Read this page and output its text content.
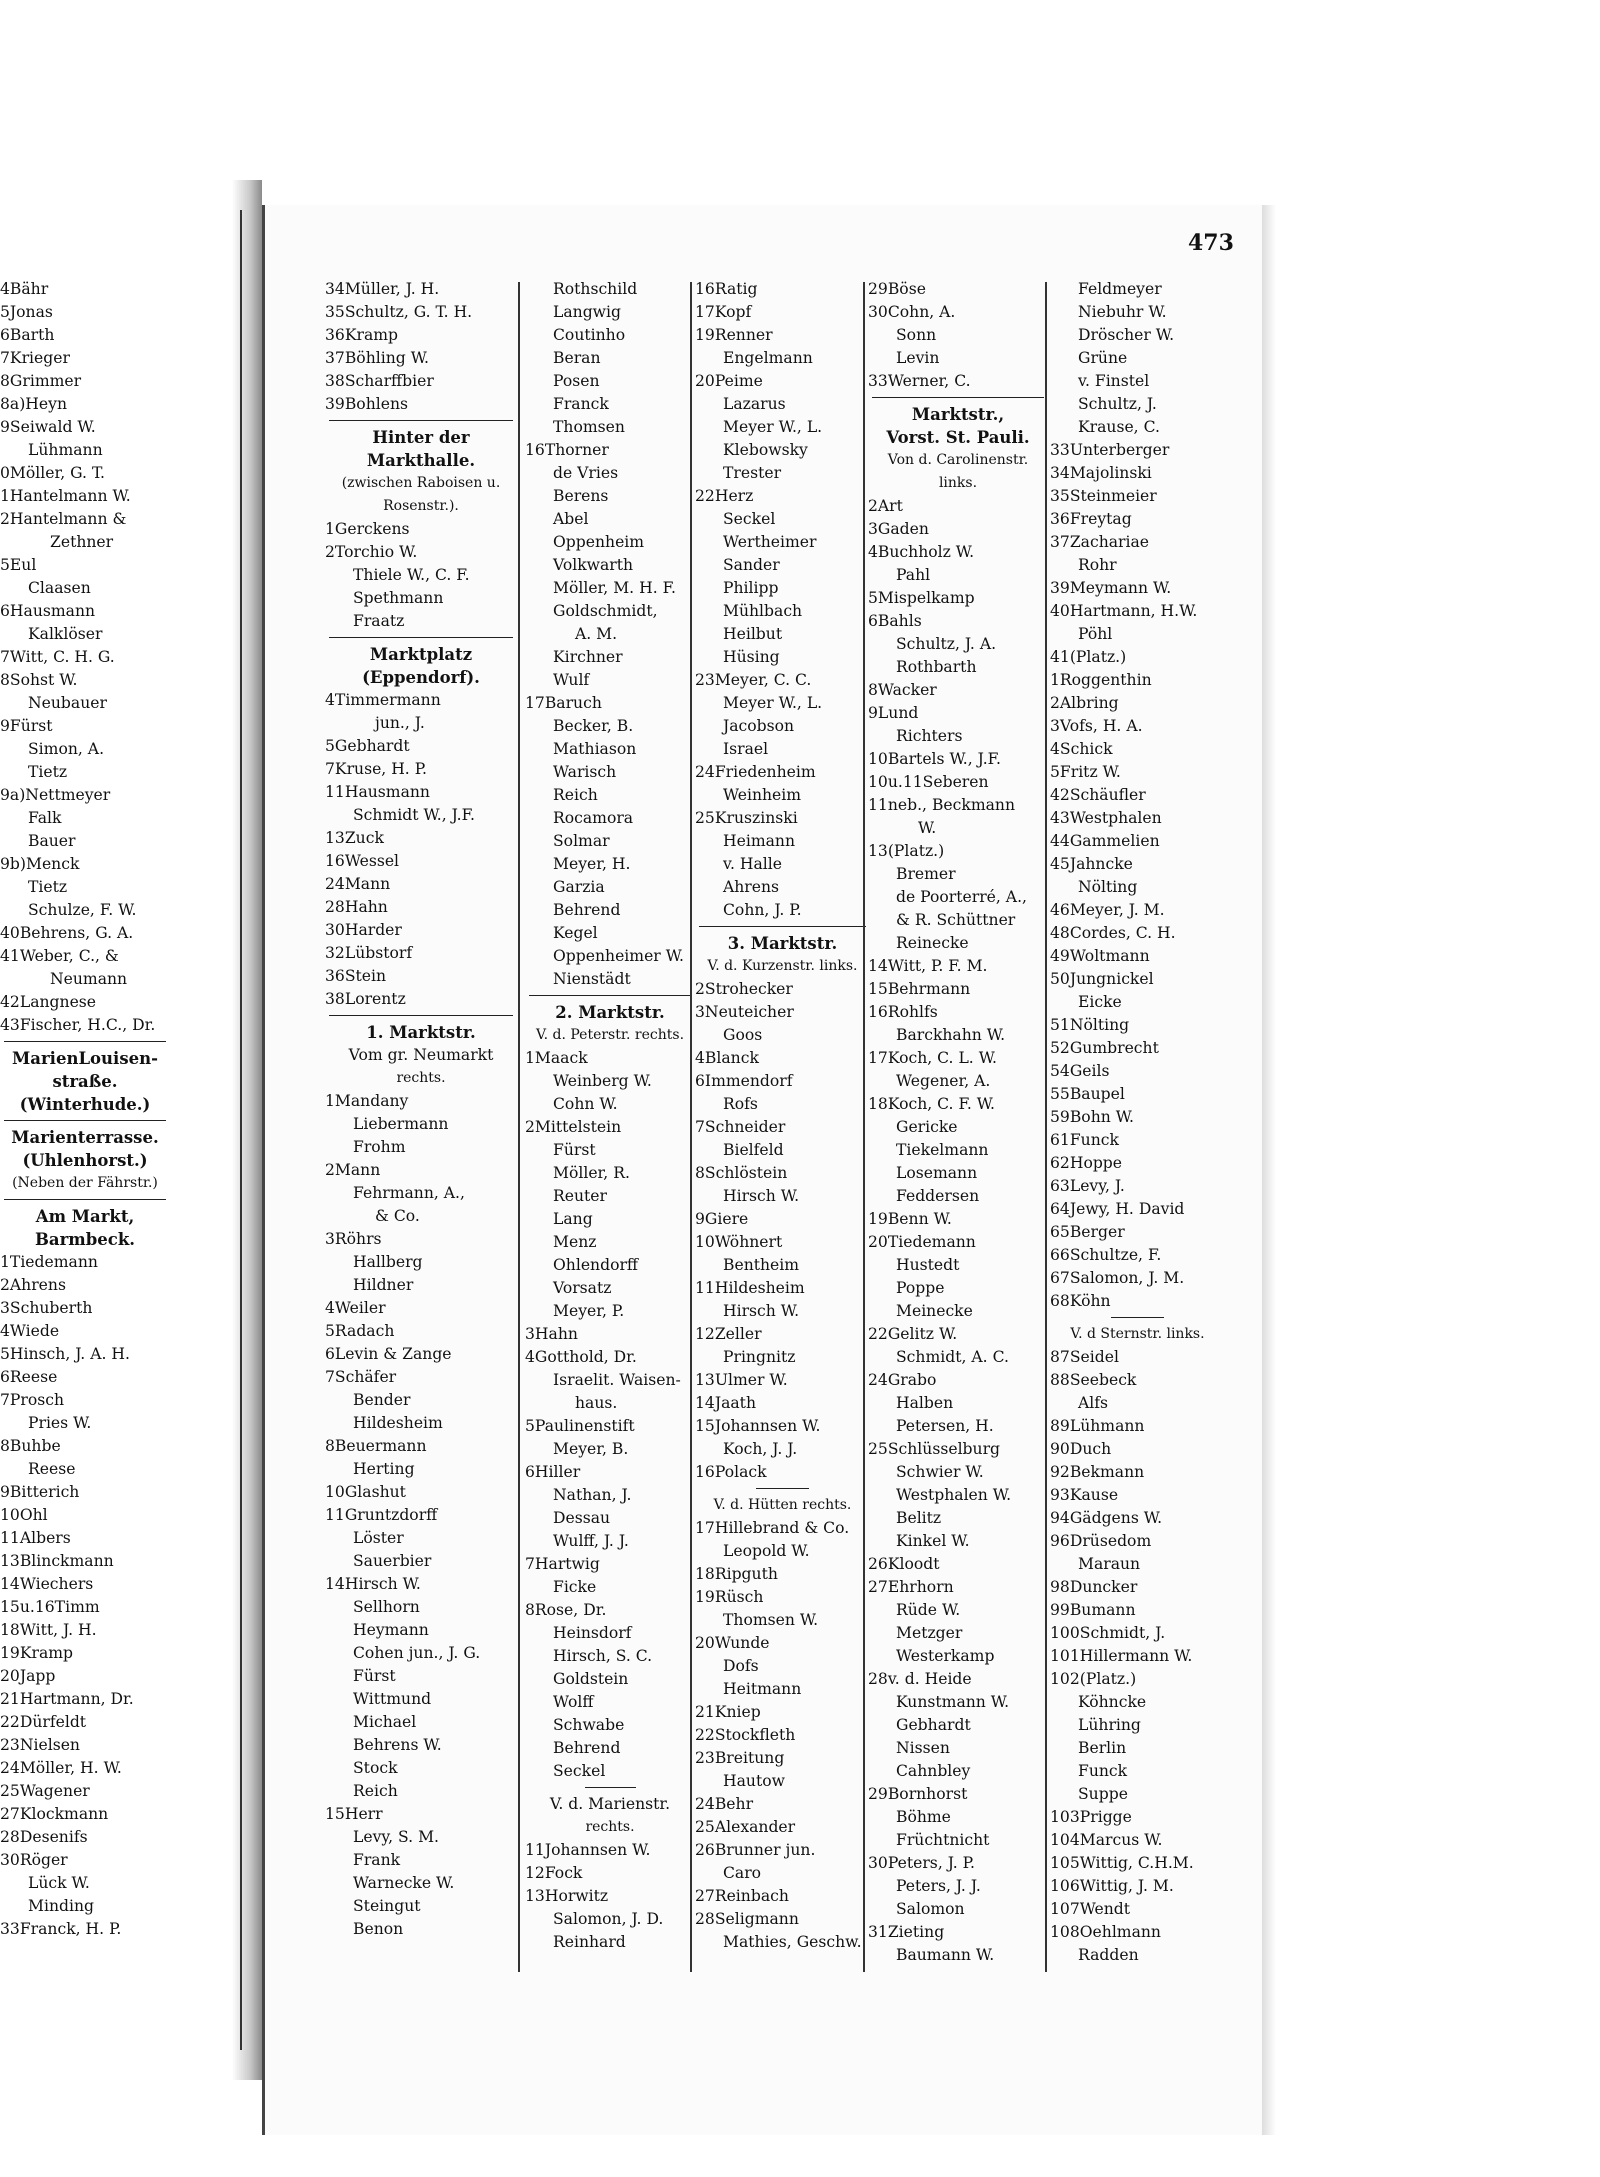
473
4Bähr
5Jonas
6Barth
7Krieger
8Grimmer
8a)Heyn
9Seiwald W.
Lühmann
0Möller, G. T.
1Hantelmann W.
2Hantelmann &
Zethner
5Eul
Claasen
6Hausmann
Kalklöser
7Witt, C. H. G.
8Sohst W.
Neubauer
9Fürst
Simon, A.
Tietz
9a)Nettmeyer
Falk
Bauer
9b)Menck
Tietz
Schulze, F. W.
40Behrens, G. A.
41Weber, C., &
Neumann
42Langnese
43Fischer, H.C., Dr.
MarienLouisen-
straße.
(Winterhude.)
Marienterrasse.
(Uhlenhorst.)
(Neben der Fährstr.)
Am Markt,
Barmbeck.
1Tiedemann
2Ahrens
3Schuberth
4Wiede
5Hinsch, J. A. H.
6Reese
7Prosch
Pries W.
8Buhbe
Reese
9Bitterich
10Ohl
11Albers
13Blinckmann
14Wiechers
15u.16Timm
18Witt, J. H.
19Kramp
20Japp
21Hartmann, Dr.
22Dürfeldt
23Nielsen
24Möller, H. W.
25Wagener
27Klockmann
28Desenifs
30Röger
Lück W.
Minding
33Franck, H. P.
34Müller, J. H.
35Schultz, G. T. H.
36Kramp
37Böhling W.
38Scharffbier
39Bohlens
Hinter der
Markthalle.
(zwischen Raboisen u.
Rosenstr.).
1Gerckens
2Torchio W.
Thiele W., C. F.
Spethmann
Fraatz
Marktplatz
(Eppendorf).
4Timmermann
jun., J.
5Gebhardt
7Kruse, H. P.
11Hausmann
Schmidt W., J.F.
13Zuck
16Wessel
24Mann
28Hahn
30Harder
32Lübstorf
36Stein
38Lorentz
1. Marktstr.
Vom gr. Neumarkt
rechts.
1Mandany
Liebermann
Frohm
2Mann
Fehrmann, A.,
& Co.
3Röhrs
Hallberg
Hildner
4Weiler
5Radach
6Levin & Zange
7Schäfer
Bender
Hildesheim
8Beuermann
Herting
10Glashut
11Gruntzdorff
Löster
Sauerbier
14Hirsch W.
Sellhorn
Heymann
Cohen jun., J. G.
Fürst
Wittmund
Michael
Behrens W.
Stock
Reich
15Herr
Levy, S. M.
Frank
Warnecke W.
Steingut
Benon
Rothschild
Langwig
Coutinho
Beran
Posen
Franck
Thomsen
16Thorner
de Vries
Berens
Abel
Oppenheim
Volkwarth
Möller, M. H. F.
Goldschmidt,
A. M.
Kirchner
Wulf
17Baruch
Becker, B.
Mathiason
Warisch
Reich
Rocamora
Solmar
Meyer, H.
Garzia
Behrend
Kegel
Oppenheimer W.
Nienstädt
2. Marktstr.
V. d. Peterstr. rechts.
1Maack
Weinberg W.
Cohn W.
2Mittelstein
Fürst
Möller, R.
Reuter
Lang
Menz
Ohlendorff
Vorsatz
Meyer, P.
3Hahn
4Gotthold, Dr.
Israelit. Waisen-
haus.
5Paulinenstift
Meyer, B.
6Hiller
Nathan, J.
Dessau
Wulff, J. J.
7Hartwig
Ficke
8Rose, Dr.
Heinsdorf
Hirsch, S. C.
Goldstein
Wolff
Schwabe
Behrend
Seckel
V. d. Marienstr.
rechts.
11Johannsen W.
12Fock
13Horwitz
Salomon, J. D.
Reinhard
16Ratig
17Kopf
19Renner
Engelmann
20Peime
Lazarus
Meyer W., L.
Klebowsky
Trester
22Herz
Seckel
Wertheimer
Sander
Philipp
Mühlbach
Heilbut
Hüsing
23Meyer, C. C.
Meyer W., L.
Jacobson
Israel
24Friedenheim
Weinheim
25Kruszinski
Heimann
v. Halle
Ahrens
Cohn, J. P.
3. Marktstr.
V. d. Kurzenstr. links.
2Strohecker
3Neuteicher
Goos
4Blanck
6Immendorf
Rofs
7Schneider
Bielfeld
8Schlöstein
Hirsch W.
9Giere
10Wöhnert
Bentheim
11Hildesheim
Hirsch W.
12Zeller
Pringnitz
13Ulmer W.
14Jaath
15Johannsen W.
Koch, J. J.
16Polack
V. d. Hütten rechts.
17Hillebrand & Co.
Leopold W.
18Ripguth
19Rüsch
Thomsen W.
20Wunde
Dofs
Heitmann
21Kniep
22Stockfleth
23Breitung
Hautow
24Behr
25Alexander
26Brunner jun.
Caro
27Reinbach
28Seligmann
Mathies, Geschw.
29Böse
30Cohn, A.
Sonn
Levin
33Werner, C.
Marktstr.,
Vorst. St. Pauli.
Von d. Carolinenstr.
links.
2Art
3Gaden
4Buchholz W.
Pahl
5Mispelkamp
6Bahls
Schultz, J. A.
Rothbarth
8Wacker
9Lund
Richters
10Bartels W., J.F.
10u.11Seberen
11neb., Beckmann
W.
13(Platz.)
Bremer
de Poorterré, A.,
& R. Schüttner
Reinecke
14Witt, P. F. M.
15Behrmann
16Rohlfs
Barckhahn W.
17Koch, C. L. W.
Wegener, A.
18Koch, C. F. W.
Gericke
Tiekelmann
Losemann
Feddersen
19Benn W.
20Tiedemann
Hustedt
Poppe
Meinecke
22Gelitz W.
Schmidt, A. C.
24Grabo
Halben
Petersen, H.
25Schlüsselburg
Schwier W.
Westphalen W.
Belitz
Kinkel W.
26Kloodt
27Ehrhorn
Rüde W.
Metzger
Westerkamp
28v. d. Heide
Kunstmann W.
Gebhardt
Nissen
Cahnbley
29Bornhorst
Böhme
Früchtnicht
30Peters, J. P.
Peters, J. J.
Salomon
31Zieting
Baumann W.
Feldmeyer
Niebuhr W.
Dröscher W.
Grüne
v. Finstel
Schultz, J.
Krause, C.
33Unterberger
34Majolinski
35Steinmeier
36Freytag
37Zachariae
Rohr
39Meymann W.
40Hartmann, H.W.
Pöhl
41(Platz.)
1Roggenthin
2Albring
3Vofs, H. A.
4Schick
5Fritz W.
42Schäufler
43Westphalen
44Gammelien
45Jahncke
Nölting
46Meyer, J. M.
48Cordes, C. H.
49Woltmann
50Jungnickel
Eicke
51Nölting
52Gumbrecht
54Geils
55Baupel
59Bohn W.
61Funck
62Hoppe
63Levy, J.
64Jewy, H. David
65Berger
66Schultze, F.
67Salomon, J. M.
68Köhn
V. d Sternstr. links.
87Seidel
88Seebeck
Alfs
89Lühmann
90Duch
92Bekmann
93Kause
94Gädgens W.
96Drüsedom
Maraun
98Duncker
99Bumann
100Schmidt, J.
101Hillermann W.
102(Platz.)
Köhncke
Lühring
Berlin
Funck
Suppe
103Prigge
104Marcus W.
105Wittig, C.H.M.
106Wittig, J. M.
107Wendt
108Oehlmann
Radden
